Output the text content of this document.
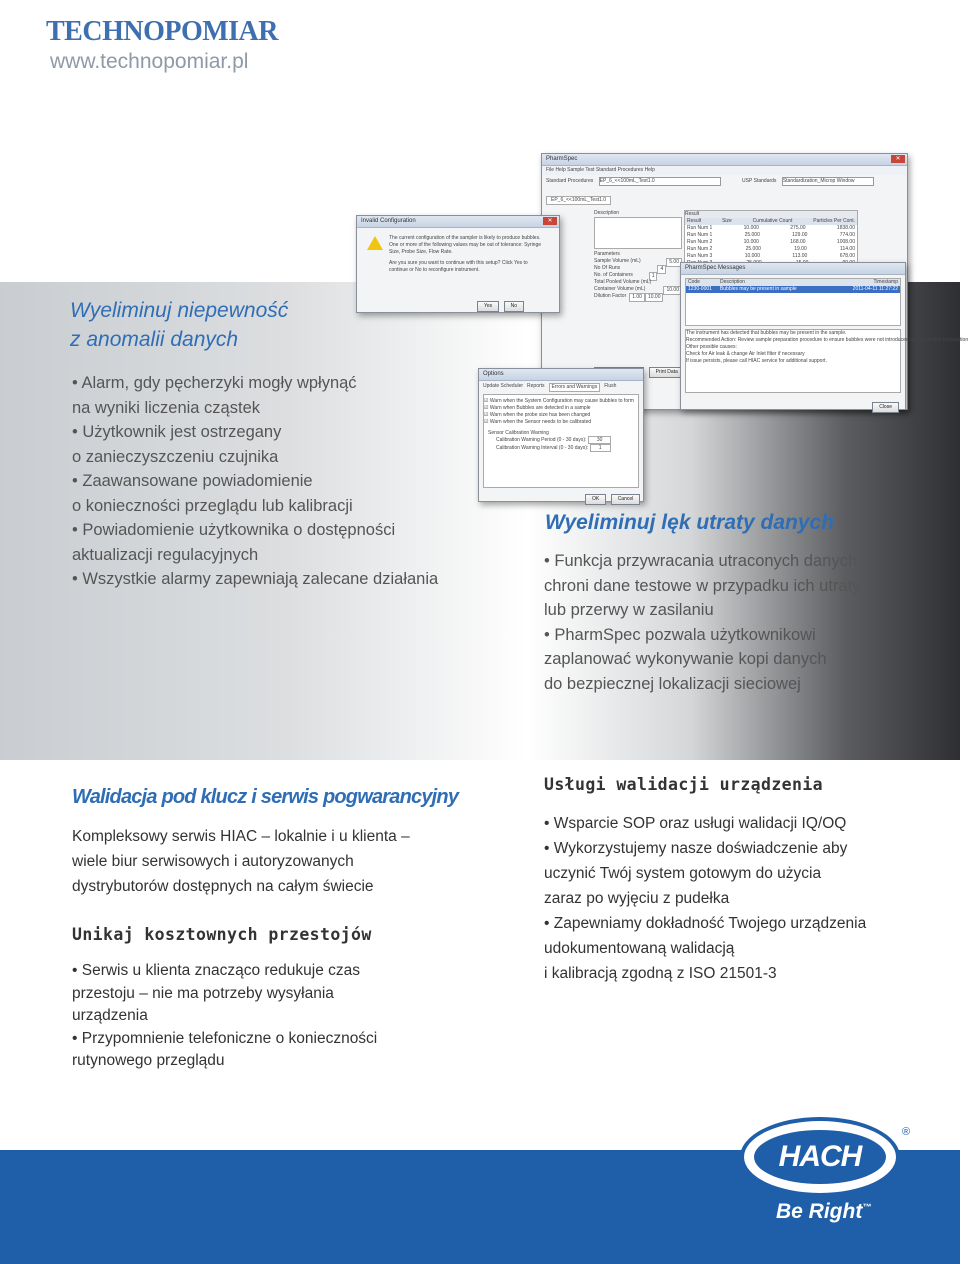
TECHNOPOMIAR
www.technopomiar.pl
Wyeliminuj niepewność
z anomalii danych
• Alarm, gdy pęcherzyki mogły wpłynąć
na wyniki liczenia cząstek
• Użytkownik jest ostrzegany
o zanieczyszczeniu czujnika
• Zaawansowane powiadomienie
o konieczności przeglądu lub kalibracji
• Powiadomienie użytkownika o dostępności
aktualizacji regulacyjnych
• Wszystkie alarmy zapewniają zalecane działania
PharmSpec	✕
File Help Sample Test Standard Procedures Help
Standard Procedures EP_6_<<100mL_Test1.0	USP Standards Standardization_Microp Window
EP_6_<<100mL_Test1.0
Description
Parameters
Sample Volume (mL)	5.00
No Of Runs	4
No. of Containers	1
Total Pooled Volume (mL)
10.00
Container Volume (mL)
10.00
Dilution Factor	1.00
Result
Result	Size	Cumulative Count	Particles Per Cont.
Run Num 1	10.000	275.00	1838.00
Run Num 1	25.000	129.00	774.00
Run Num 2	10.000	168.00	1008.00
Run Num 2	25.000	19.00	114.00
Run Num 3	10.000	113.00	678.00
Print Data
PharmSpec Messages
Code	Description	Timestamp
1230-0001 Bubbles may be present in sample	2011-04-11 11:27:22
The instrument has detected that bubbles may be present in the sample.
Recommended Action: Review sample preparation procedure to ensure bubbles were not introduced during sample preparation
Other possible causes:
Check for Air leak & change Air Inlet filter if necessary
If issue persists, please call HIAC service for additional support.
Close
Invalid Configuration	✕
The current configuration of the sampler is likely to produce bubbles.
One or more of the following values may be out of tolerance: Syringe
Size, Probe Size, Flow Rate.
Are you sure you want to continue with this setup? Click Yes to
continue or No to reconfigure instrument.
Yes	No
Options
Update Scheduler Reports	Errors and Warnings	Flush
☑ Warn when the System Configuration may cause bubbles to form
☑ Warn when Bubbles are detected in a sample
☑ Warn when the probe size has been changed
☑ Warn when the Sensor needs to be calibrated
Sensor Calibration Warning
Calibration Warning Period (0 - 30 days): 30
Calibration Warning Interval (0 - 30 days): 1
OK	Cancel
Wyeliminuj lęk utraty danych
• Funkcja przywracania utraconych danych
chroni dane testowe w przypadku ich utraty
lub przerwy w zasilaniu
• PharmSpec pozwala użytkownikowi
zaplanować wykonywanie kopi danych
do bezpiecznej lokalizacji sieciowej
Walidacja pod klucz i serwis pogwarancyjny
Kompleksowy serwis HIAC – lokalnie i u klienta –
wiele biur serwisowych i autoryzowanych
dystrybutorów dostępnych na całym świecie
Unikaj kosztownych przestojów
• Serwis u klienta znacząco redukuje czas
przestoju – nie ma potrzeby wysyłania
urządzenia
• Przypomnienie telefoniczne o konieczności
rutynowego przeglądu
Usługi walidacji urządzenia
• Wsparcie SOP oraz usługi walidacji IQ/OQ
• Wykorzystujemy nasze doświadczenie aby
uczynić Twój system gotowym do użycia
zaraz po wyjęciu z pudełka
• Zapewniamy dokładność Twojego urządzenia
udokumentowaną walidacją
i kalibracją zgodną z ISO 21501-3
HACH
®
Be Right™
